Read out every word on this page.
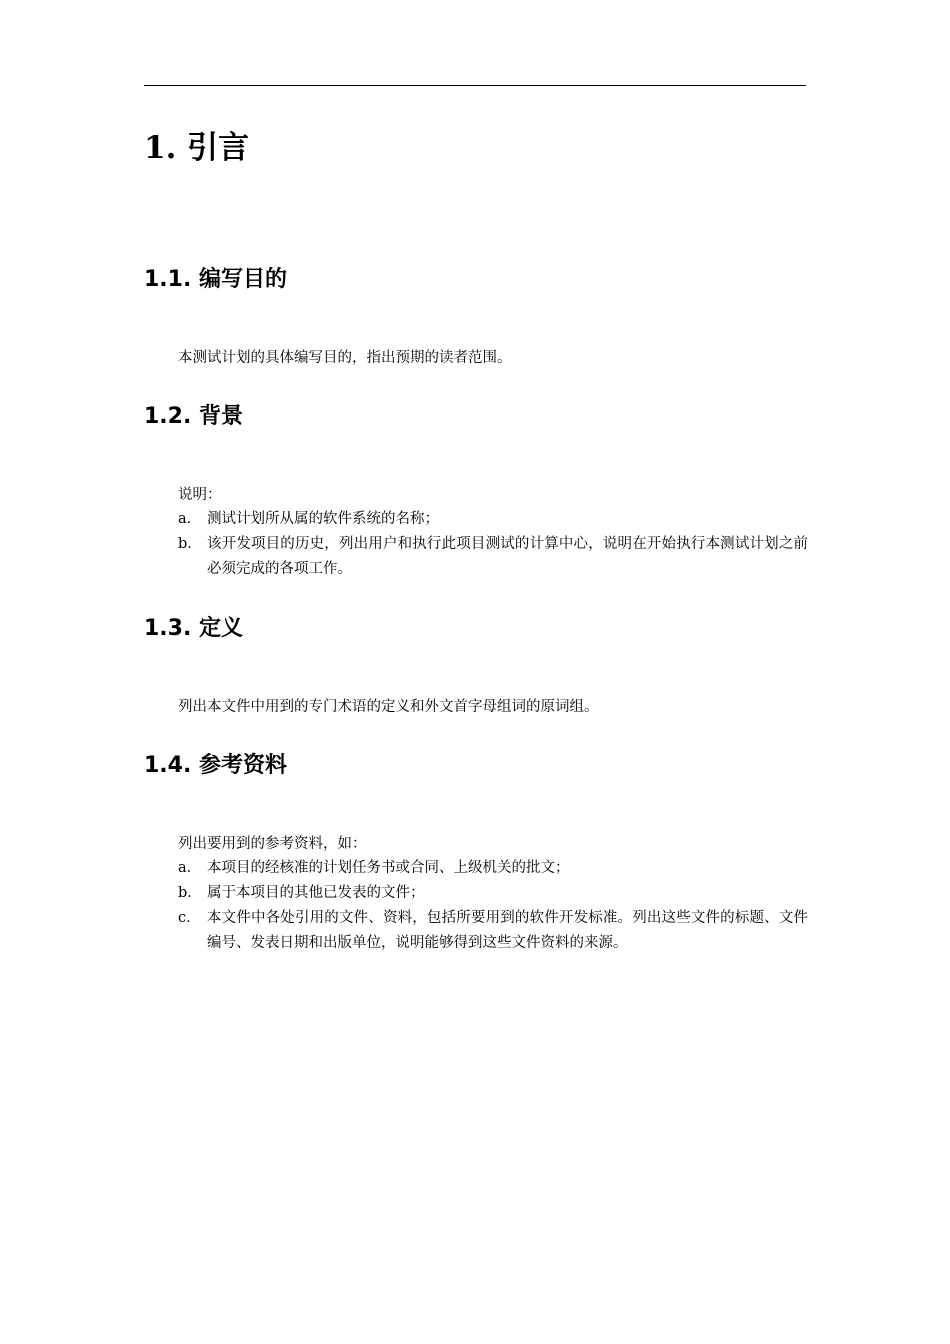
1. 引言
1.1. 编写目的
本测试计划的具体编写目的，指出预期的读者范围。
1.2. 背景
说明：
a． 测试计划所从属的软件系统的名称；
b． 该开发项目的历史，列出用户和执行此项目测试的计算中心，说明在开始执行本测试计划之前必须完成的各项工作。
1.3. 定义
列出本文件中用到的专门术语的定义和外文首字母组词的原词组。
1.4. 参考资料
列出要用到的参考资料，如：
a． 本项目的经核准的计划任务书或合同、上级机关的批文；
b． 属于本项目的其他已发表的文件；
c． 本文件中各处引用的文件、资料，包括所要用到的软件开发标准。列出这些文件的标题、文件编号、发表日期和出版单位，说明能够得到这些文件资料的来源。
